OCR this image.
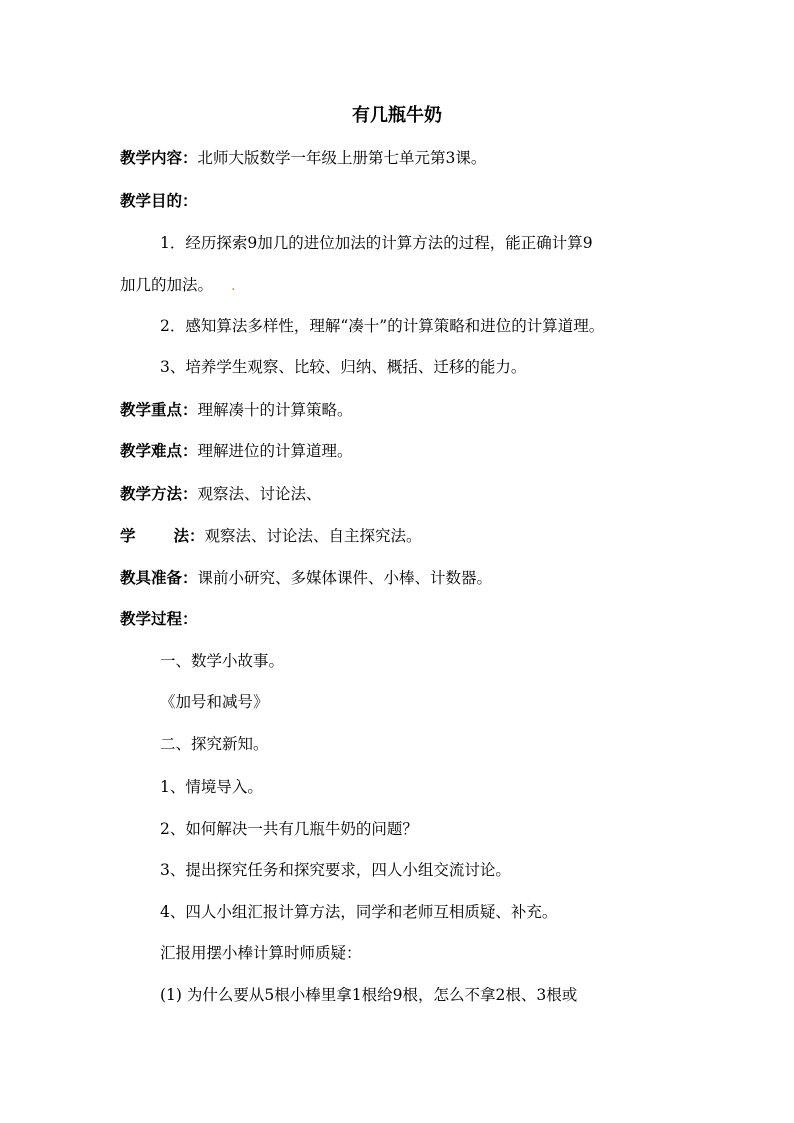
有几瓶牛奶
教学内容：北师大版数学一年级上册第七单元第3课。
教学目的：
1．经历探索9加几的进位加法的计算方法的过程，能正确计算9
加几的加法。 .
2．感知算法多样性，理解“凑十”的计算策略和进位的计算道理。
3、培养学生观察、比较、归纳、概括、迁移的能力。
教学重点：理解凑十的计算策略。
教学难点：理解进位的计算道理。
教学方法：观察法、讨论法、
学 法：观察法、讨论法、自主探究法。
教具准备：课前小研究、多媒体课件、小棒、计数器。
教学过程：
一、数学小故事。
《加号和减号》
二、探究新知。
1、情境导入。
2、如何解决一共有几瓶牛奶的问题？
3、提出探究任务和探究要求，四人小组交流讨论。
4、四人小组汇报计算方法，同学和老师互相质疑、补充。
汇报用摆小棒计算时师质疑：
(1) 为什么要从5根小棒里拿1根给9根，怎么不拿2根、3根或
